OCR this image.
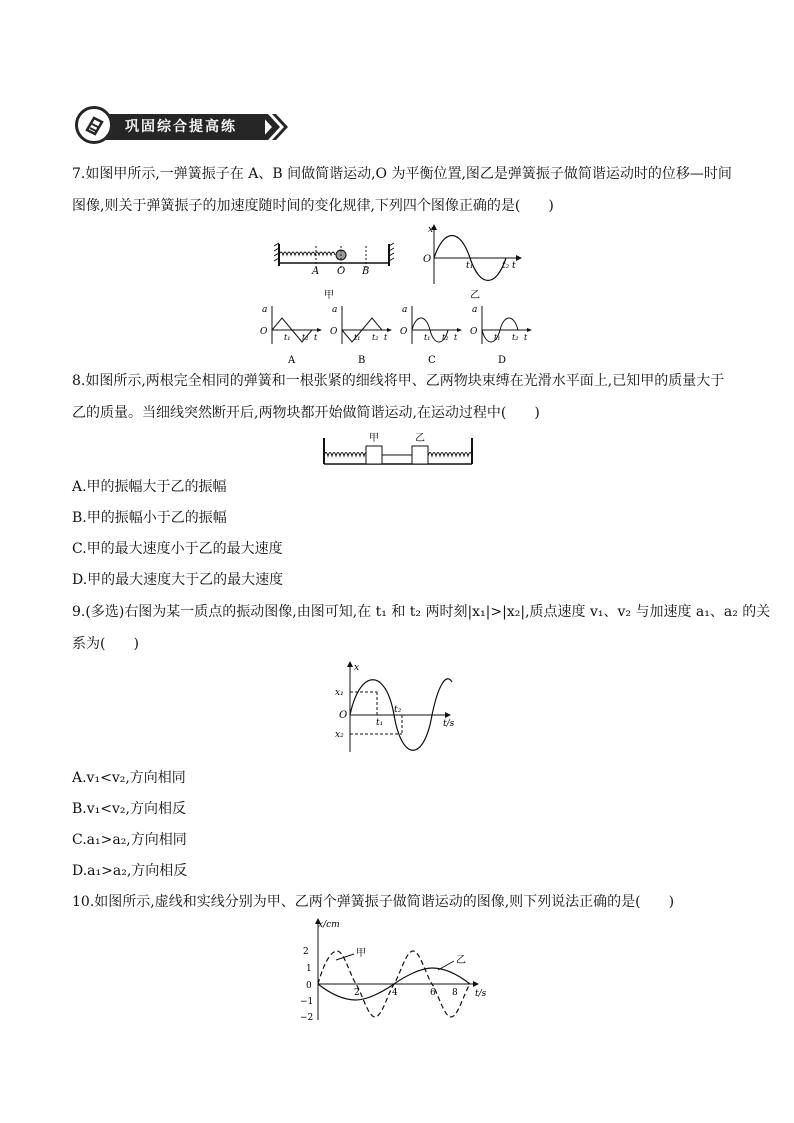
巩固综合提高练
7.如图甲所示,一弹簧振子在 A、B 间做简谐运动,O 为平衡位置,图乙是弹簧振子做简谐运动时的位移—时间
图像,则关于弹簧振子的加速度随时间的变化规律,下列四个图像正确的是(　　)
A O B
甲
x
O
t₁	t₂ t
乙
a
O
t₁ t₂ t
A
a
O
t₁ t₂ t
B
a
O
t₁ t₂ t
C
a
O
t₁ t₂ t
D
8.如图所示,两根完全相同的弹簧和一根张紧的细线将甲、乙两物块束缚在光滑水平面上,已知甲的质量大于
乙的质量。当细线突然断开后,两物块都开始做简谐运动,在运动过程中(　　)
甲	乙
A.甲的振幅大于乙的振幅
B.甲的振幅小于乙的振幅
C.甲的最大速度小于乙的最大速度
D.甲的最大速度大于乙的最大速度
9.(多选)右图为某一质点的振动图像,由图可知,在 t₁ 和 t₂ 两时刻|x₁|>|x₂|,质点速度 v₁、v₂ 与加速度 a₁、a₂ 的关
系为(　　)
x
x₁
x₂
O
t₁
t₂
t/s
A.v₁<v₂,方向相同
B.v₁<v₂,方向相反
C.a₁>a₂,方向相同
D.a₁>a₂,方向相反
10.如图所示,虚线和实线分别为甲、乙两个弹簧振子做简谐运动的图像,则下列说法正确的是(　　)
x/cm
2
1
0
−1
−2
2	4	6 8 t/s
甲
乙
